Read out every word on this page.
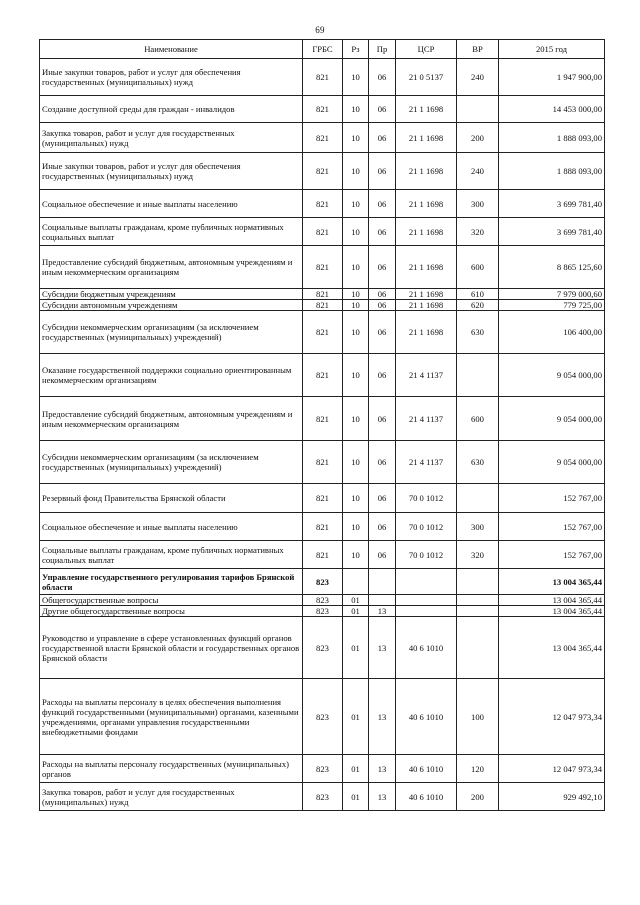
69
Наименование	ГРБС	Рз	Пр	ЦСР	ВР	2015 год
Иные закупки товаров, работ и услуг для обеспечения государственных (муниципальных) нужд	821	10	06	21 0 5137	240	1 947 900,00
Создание доступной среды для граждан - инвалидов	821	10	06	21 1 1698		14 453 000,00
Закупка товаров, работ и услуг для государственных (муниципальных) нужд	821	10	06	21 1 1698	200	1 888 093,00
Иные закупки товаров, работ и услуг для обеспечения государственных (муниципальных) нужд	821	10	06	21 1 1698	240	1 888 093,00
Социальное обеспечение и иные выплаты населению	821	10	06	21 1 1698	300	3 699 781,40
Социальные выплаты гражданам, кроме публичных нормативных социальных выплат	821	10	06	21 1 1698	320	3 699 781,40
Предоставление субсидий бюджетным, автономным учреждениям и иным некоммерческим организациям	821	10	06	21 1 1698	600	8 865 125,60
Субсидии бюджетным учреждениям	821	10	06	21 1 1698	610	7 979 000,60
Субсидии автономным учреждениям	821	10	06	21 1 1698	620	779 725,00
Субсидии некоммерческим организациям (за исключением государственных (муниципальных) учреждений)	821	10	06	21 1 1698	630	106 400,00
Оказание государственной поддержки социально ориентированным некоммерческим организациям	821	10	06	21 4 1137		9 054 000,00
Предоставление субсидий бюджетным, автономным учреждениям и иным некоммерческим организациям	821	10	06	21 4 1137	600	9 054 000,00
Субсидии некоммерческим организациям (за исключением государственных (муниципальных) учреждений)	821	10	06	21 4 1137	630	9 054 000,00
Резервный фонд Правительства Брянской области	821	10	06	70 0 1012		152 767,00
Социальное обеспечение и иные выплаты населению	821	10	06	70 0 1012	300	152 767,00
Социальные выплаты гражданам, кроме публичных нормативных социальных выплат	821	10	06	70 0 1012	320	152 767,00
Управление государственного регулирования тарифов Брянской области	823					13 004 365,44
Общегосударственные вопросы	823	01				13 004 365,44
Другие общегосударственные вопросы	823	01	13			13 004 365,44
Руководство и управление в сфере установленных функций органов государственной власти Брянской области и государственных органов Брянской области	823	01	13	40 6 1010		13 004 365,44
Расходы на выплаты персоналу в целях обеспечения выполнения функций государственными (муниципальными) органами, казенными учреждениями, органами управления государственными внебюджетными фондами	823	01	13	40 6 1010	100	12 047 973,34
Расходы на выплаты персоналу государственных (муниципальных) органов	823	01	13	40 6 1010	120	12 047 973,34
Закупка товаров, работ и услуг для государственных (муниципальных) нужд	823	01	13	40 6 1010	200	929 492,10
